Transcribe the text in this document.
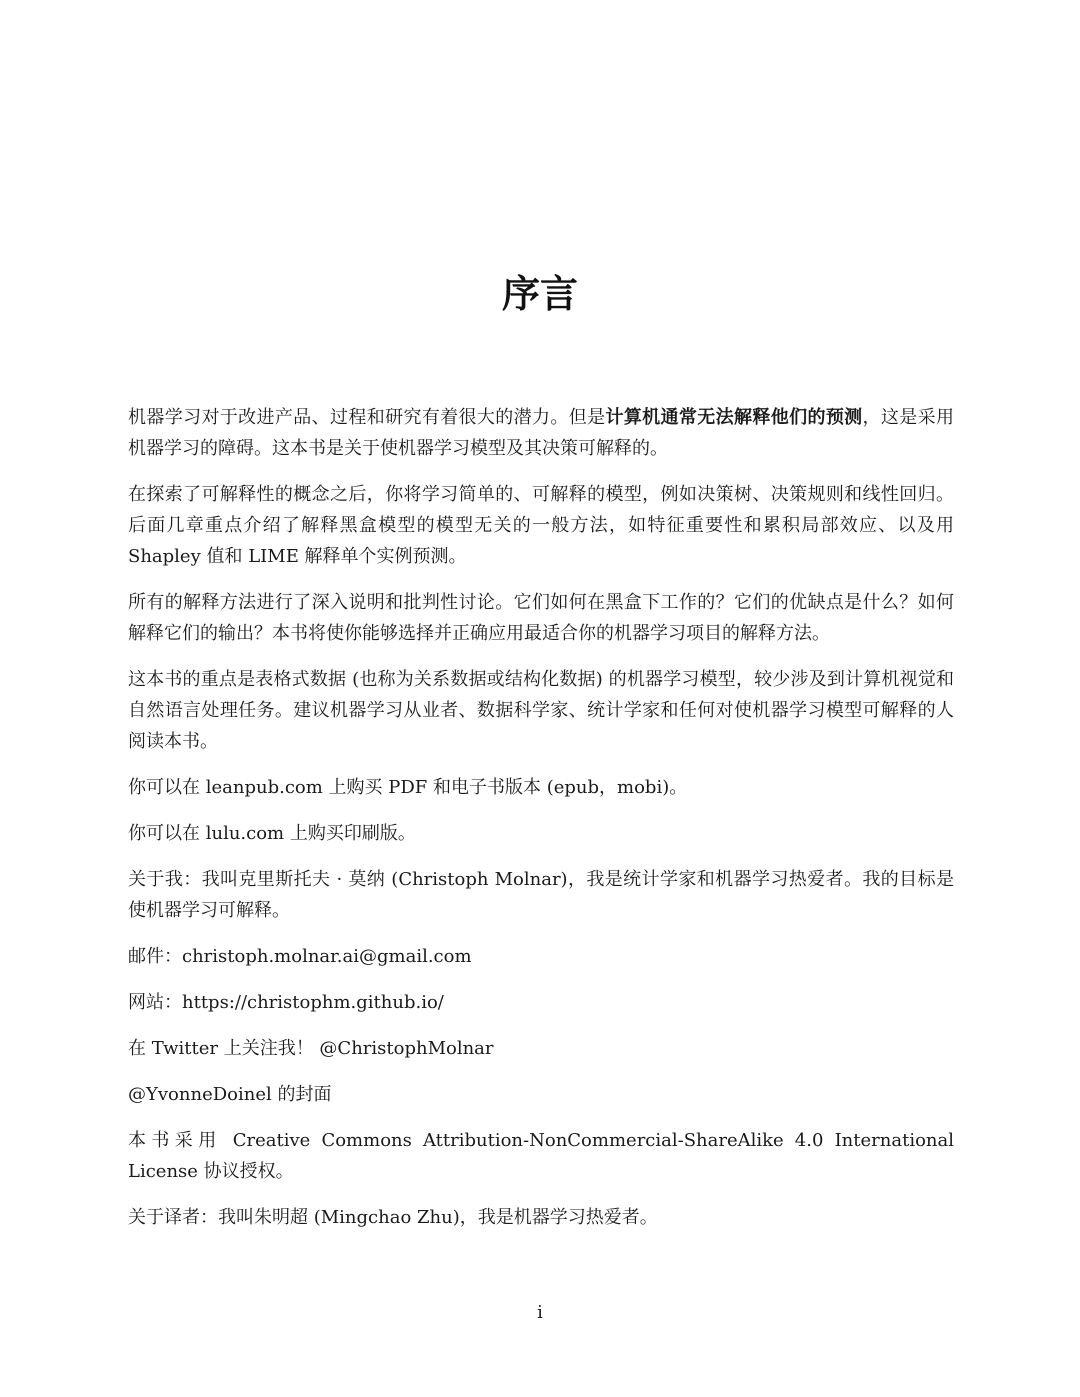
序言

机器学习对于改进产品、过程和研究有着很大的潜力。但是计算机通常无法解释他们的预测，这是采用机器学习的障碍。这本书是关于使机器学习模型及其决策可解释的。

在探索了可解释性的概念之后，你将学习简单的、可解释的模型，例如决策树、决策规则和线性回归。后面几章重点介绍了解释黑盒模型的模型无关的一般方法，如特征重要性和累积局部效应、以及用 Shapley 值和 LIME 解释单个实例预测。

所有的解释方法进行了深入说明和批判性讨论。它们如何在黑盒下工作的？它们的优缺点是什么？如何解释它们的输出？本书将使你能够选择并正确应用最适合你的机器学习项目的解释方法。

这本书的重点是表格式数据 (也称为关系数据或结构化数据) 的机器学习模型，较少涉及到计算机视觉和自然语言处理任务。建议机器学习从业者、数据科学家、统计学家和任何对使机器学习模型可解释的人阅读本书。

你可以在 leanpub.com 上购买 PDF 和电子书版本 (epub，mobi)。

你可以在 lulu.com 上购买印刷版。

关于我：我叫克里斯托夫 · 莫纳 (Christoph Molnar)，我是统计学家和机器学习热爱者。我的目标是使机器学习可解释。

邮件：christoph.molnar.ai@gmail.com

网站：https://christophm.github.io/

在 Twitter 上关注我！ @ChristophMolnar

@YvonneDoinel 的封面

本书采用 Creative Commons Attribution-NonCommercial-ShareAlike 4.0 International License 协议授权。

关于译者：我叫朱明超 (Mingchao Zhu)，我是机器学习热爱者。

i
